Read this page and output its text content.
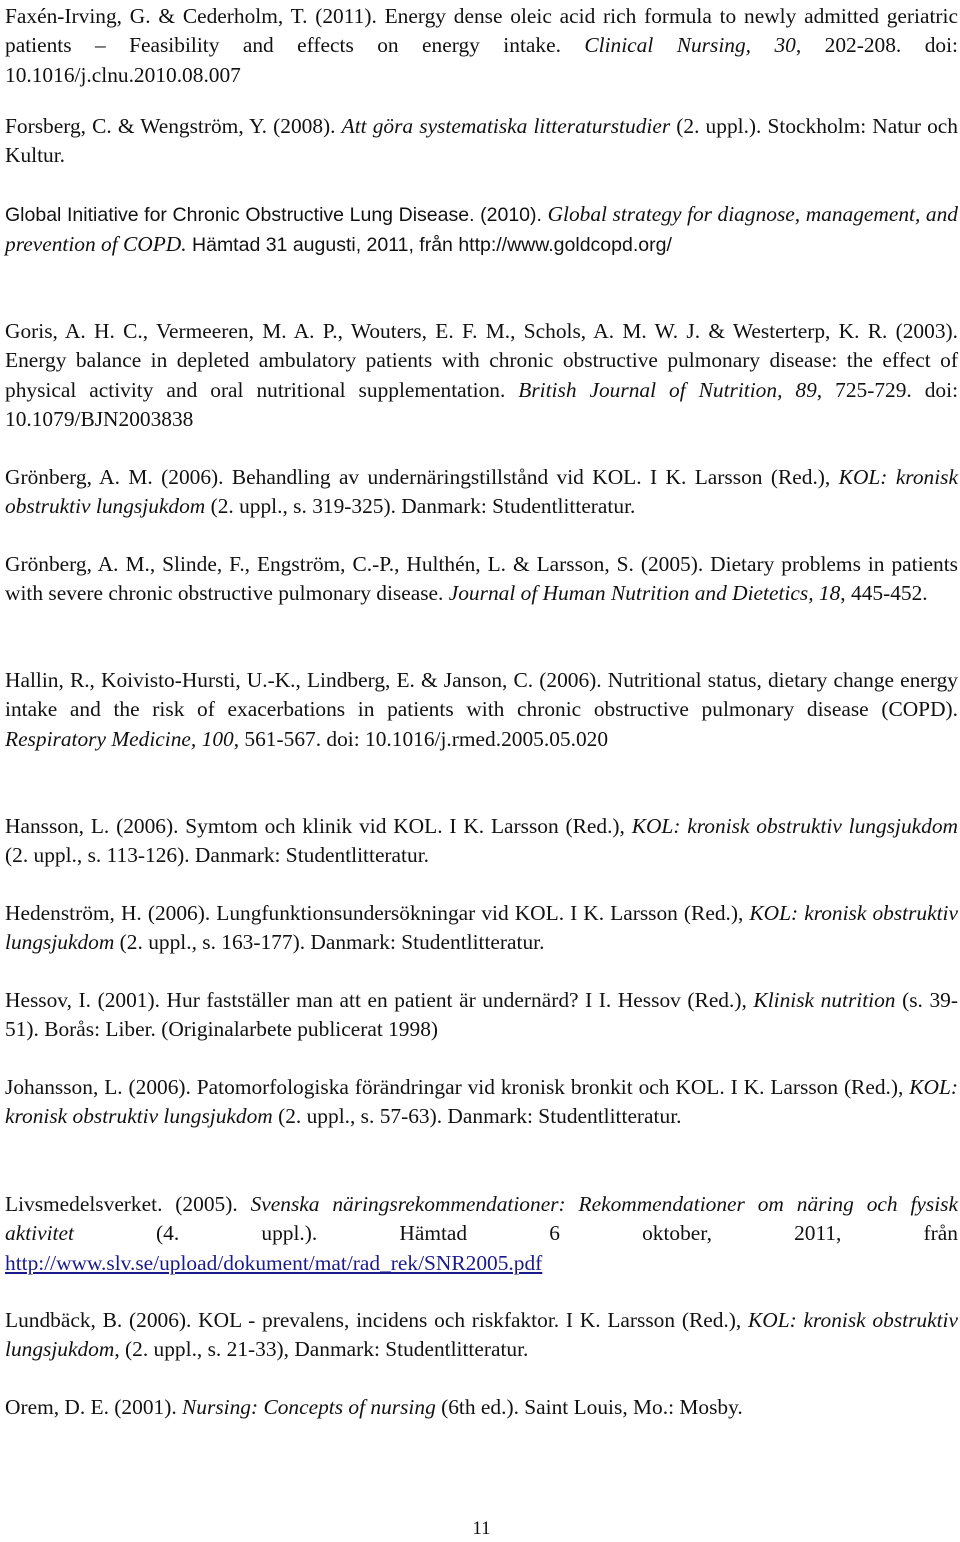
Faxén-Irving, G. & Cederholm, T. (2011). Energy dense oleic acid rich formula to newly admitted geriatric patients – Feasibility and effects on energy intake. Clinical Nursing, 30, 202-208. doi: 10.1016/j.clnu.2010.08.007
Forsberg, C. & Wengström, Y. (2008). Att göra systematiska litteraturstudier (2. uppl.). Stockholm: Natur och Kultur.
Global Initiative for Chronic Obstructive Lung Disease. (2010). Global strategy for diagnose, management, and prevention of COPD. Hämtad 31 augusti, 2011, från http://www.goldcopd.org/
Goris, A. H. C., Vermeeren, M. A. P., Wouters, E. F. M., Schols, A. M. W. J. & Westerterp, K. R. (2003). Energy balance in depleted ambulatory patients with chronic obstructive pulmonary disease: the effect of physical activity and oral nutritional supplementation. British Journal of Nutrition, 89, 725-729. doi: 10.1079/BJN2003838
Grönberg, A. M. (2006). Behandling av undernäringstillstånd vid KOL. I K. Larsson (Red.), KOL: kronisk obstruktiv lungsjukdom (2. uppl., s. 319-325). Danmark: Studentlitteratur.
Grönberg, A. M., Slinde, F., Engström, C.-P., Hulthén, L. & Larsson, S. (2005). Dietary problems in patients with severe chronic obstructive pulmonary disease. Journal of Human Nutrition and Dietetics, 18, 445-452.
Hallin, R., Koivisto-Hursti, U.-K., Lindberg, E. & Janson, C. (2006). Nutritional status, dietary change energy intake and the risk of exacerbations in patients with chronic obstructive pulmonary disease (COPD). Respiratory Medicine, 100, 561-567. doi: 10.1016/j.rmed.2005.05.020
Hansson, L. (2006). Symtom och klinik vid KOL. I K. Larsson (Red.), KOL: kronisk obstruktiv lungsjukdom (2. uppl., s. 113-126). Danmark: Studentlitteratur.
Hedenström, H. (2006). Lungfunktionsundersökningar vid KOL. I K. Larsson (Red.), KOL: kronisk obstruktiv lungsjukdom (2. uppl., s. 163-177). Danmark: Studentlitteratur.
Hessov, I. (2001). Hur fastställer man att en patient är undernärd? I I. Hessov (Red.), Klinisk nutrition (s. 39-51). Borås: Liber. (Originalarbete publicerat 1998)
Johansson, L. (2006). Patomorfologiska förändringar vid kronisk bronkit och KOL. I K. Larsson (Red.), KOL: kronisk obstruktiv lungsjukdom (2. uppl., s. 57-63). Danmark: Studentlitteratur.
Livsmedelsverket. (2005). Svenska näringsrekommendationer: Rekommendationer om näring och fysisk aktivitet (4. uppl.). Hämtad 6 oktober, 2011, från http://www.slv.se/upload/dokument/mat/rad_rek/SNR2005.pdf
Lundbäck, B. (2006). KOL - prevalens, incidens och riskfaktor. I K. Larsson (Red.), KOL: kronisk obstruktiv lungsjukdom, (2. uppl., s. 21-33), Danmark: Studentlitteratur.
Orem, D. E. (2001). Nursing: Concepts of nursing (6th ed.). Saint Louis, Mo.: Mosby.
11
